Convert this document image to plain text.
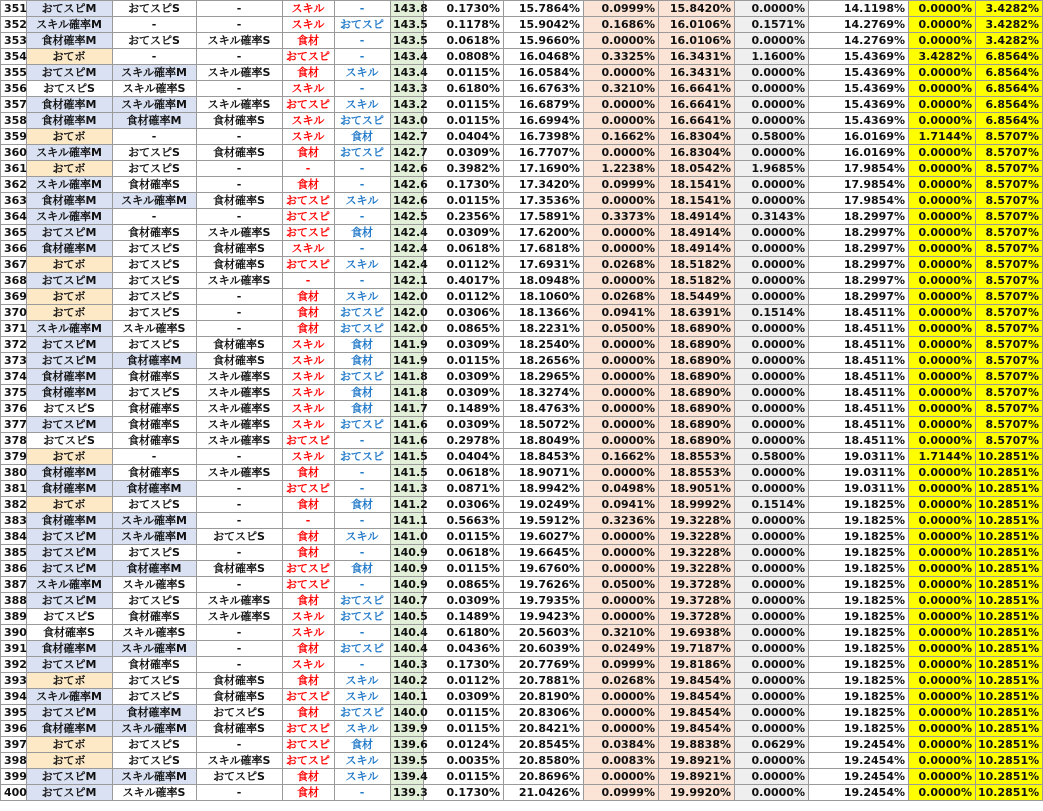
351	おてスピM	おてスピS	-	スキル	-	143.8	0.1730%	15.7864%	0.0999%	15.8420%	0.0000%	14.1198%	0.0000%	3.4282%
352	スキル確率M	-	-	スキル	おてスピ	143.5	0.1178%	15.9042%	0.1686%	16.0106%	0.1571%	14.2769%	0.0000%	3.4282%
353	食材確率M	おてスピS	スキル確率S	食材	-	143.5	0.0618%	15.9660%	0.0000%	16.0106%	0.0000%	14.2769%	0.0000%	3.4282%
354	おてボ	-	-	おてスピ	-	143.4	0.0808%	16.0468%	0.3325%	16.3431%	1.1600%	15.4369%	3.4282%	6.8564%
355	おてスピM	スキル確率M	スキル確率S	食材	スキル	143.4	0.0115%	16.0584%	0.0000%	16.3431%	0.0000%	15.4369%	0.0000%	6.8564%
356	おてスピS	スキル確率S	-	スキル	-	143.3	0.6180%	16.6763%	0.3210%	16.6641%	0.0000%	15.4369%	0.0000%	6.8564%
357	食材確率M	スキル確率M	スキル確率S	おてスピ	スキル	143.2	0.0115%	16.6879%	0.0000%	16.6641%	0.0000%	15.4369%	0.0000%	6.8564%
358	食材確率M	食材確率M	食材確率S	スキル	おてスピ	143.0	0.0115%	16.6994%	0.0000%	16.6641%	0.0000%	15.4369%	0.0000%	6.8564%
359	おてボ	-	-	スキル	食材	142.7	0.0404%	16.7398%	0.1662%	16.8304%	0.5800%	16.0169%	1.7144%	8.5707%
360	スキル確率M	おてスピS	食材確率S	食材	おてスピ	142.7	0.0309%	16.7707%	0.0000%	16.8304%	0.0000%	16.0169%	0.0000%	8.5707%
361	おてボ	おてスピS	-	-	-	142.6	0.3982%	17.1690%	1.2238%	18.0542%	1.9685%	17.9854%	0.0000%	8.5707%
362	スキル確率M	食材確率S	-	食材	-	142.6	0.1730%	17.3420%	0.0999%	18.1541%	0.0000%	17.9854%	0.0000%	8.5707%
363	食材確率M	スキル確率M	食材確率S	おてスピ	スキル	142.6	0.0115%	17.3536%	0.0000%	18.1541%	0.0000%	17.9854%	0.0000%	8.5707%
364	スキル確率M	-	-	おてスピ	-	142.5	0.2356%	17.5891%	0.3373%	18.4914%	0.3143%	18.2997%	0.0000%	8.5707%
365	おてスピM	食材確率S	スキル確率S	おてスピ	食材	142.4	0.0309%	17.6200%	0.0000%	18.4914%	0.0000%	18.2997%	0.0000%	8.5707%
366	食材確率M	おてスピS	食材確率S	スキル	-	142.4	0.0618%	17.6818%	0.0000%	18.4914%	0.0000%	18.2997%	0.0000%	8.5707%
367	おてボ	おてスピS	食材確率S	おてスピ	スキル	142.4	0.0112%	17.6931%	0.0268%	18.5182%	0.0000%	18.2997%	0.0000%	8.5707%
368	おてスピM	おてスピS	スキル確率S	-	-	142.1	0.4017%	18.0948%	0.0000%	18.5182%	0.0000%	18.2997%	0.0000%	8.5707%
369	おてボ	おてスピS	-	食材	スキル	142.0	0.0112%	18.1060%	0.0268%	18.5449%	0.0000%	18.2997%	0.0000%	8.5707%
370	おてボ	おてスピS	-	食材	おてスピ	142.0	0.0306%	18.1366%	0.0941%	18.6391%	0.1514%	18.4511%	0.0000%	8.5707%
371	スキル確率M	スキル確率S	-	食材	おてスピ	142.0	0.0865%	18.2231%	0.0500%	18.6890%	0.0000%	18.4511%	0.0000%	8.5707%
372	おてスピM	おてスピS	食材確率S	スキル	食材	141.9	0.0309%	18.2540%	0.0000%	18.6890%	0.0000%	18.4511%	0.0000%	8.5707%
373	おてスピM	食材確率M	食材確率S	スキル	食材	141.9	0.0115%	18.2656%	0.0000%	18.6890%	0.0000%	18.4511%	0.0000%	8.5707%
374	食材確率M	食材確率S	スキル確率S	スキル	おてスピ	141.8	0.0309%	18.2965%	0.0000%	18.6890%	0.0000%	18.4511%	0.0000%	8.5707%
375	食材確率M	おてスピS	スキル確率S	スキル	食材	141.8	0.0309%	18.3274%	0.0000%	18.6890%	0.0000%	18.4511%	0.0000%	8.5707%
376	おてスピS	食材確率S	スキル確率S	スキル	食材	141.7	0.1489%	18.4763%	0.0000%	18.6890%	0.0000%	18.4511%	0.0000%	8.5707%
377	おてスピM	食材確率S	スキル確率S	スキル	おてスピ	141.6	0.0309%	18.5072%	0.0000%	18.6890%	0.0000%	18.4511%	0.0000%	8.5707%
378	おてスピS	食材確率S	スキル確率S	おてスピ	-	141.6	0.2978%	18.8049%	0.0000%	18.6890%	0.0000%	18.4511%	0.0000%	8.5707%
379	おてボ	-	-	スキル	おてスピ	141.5	0.0404%	18.8453%	0.1662%	18.8553%	0.5800%	19.0311%	1.7144%	10.2851%
380	食材確率M	食材確率S	スキル確率S	食材	-	141.5	0.0618%	18.9071%	0.0000%	18.8553%	0.0000%	19.0311%	0.0000%	10.2851%
381	食材確率M	食材確率M	-	おてスピ	-	141.3	0.0871%	18.9942%	0.0498%	18.9051%	0.0000%	19.0311%	0.0000%	10.2851%
382	おてボ	おてスピS	-	食材	食材	141.2	0.0306%	19.0249%	0.0941%	18.9992%	0.1514%	19.1825%	0.0000%	10.2851%
383	食材確率M	スキル確率M	-	-	-	141.1	0.5663%	19.5912%	0.3236%	19.3228%	0.0000%	19.1825%	0.0000%	10.2851%
384	おてスピM	スキル確率M	おてスピS	食材	スキル	141.0	0.0115%	19.6027%	0.0000%	19.3228%	0.0000%	19.1825%	0.0000%	10.2851%
385	おてスピM	おてスピS	-	食材	-	140.9	0.0618%	19.6645%	0.0000%	19.3228%	0.0000%	19.1825%	0.0000%	10.2851%
386	おてスピM	食材確率M	食材確率S	おてスピ	食材	140.9	0.0115%	19.6760%	0.0000%	19.3228%	0.0000%	19.1825%	0.0000%	10.2851%
387	スキル確率M	スキル確率S	-	おてスピ	-	140.9	0.0865%	19.7626%	0.0500%	19.3728%	0.0000%	19.1825%	0.0000%	10.2851%
388	おてスピM	おてスピS	スキル確率S	食材	おてスピ	140.7	0.0309%	19.7935%	0.0000%	19.3728%	0.0000%	19.1825%	0.0000%	10.2851%
389	おてスピS	食材確率S	スキル確率S	スキル	おてスピ	140.5	0.1489%	19.9423%	0.0000%	19.3728%	0.0000%	19.1825%	0.0000%	10.2851%
390	食材確率S	スキル確率S	-	スキル	-	140.4	0.6180%	20.5603%	0.3210%	19.6938%	0.0000%	19.1825%	0.0000%	10.2851%
391	食材確率M	スキル確率M	-	食材	おてスピ	140.4	0.0436%	20.6039%	0.0249%	19.7187%	0.0000%	19.1825%	0.0000%	10.2851%
392	おてスピM	食材確率S	-	スキル	-	140.3	0.1730%	20.7769%	0.0999%	19.8186%	0.0000%	19.1825%	0.0000%	10.2851%
393	おてボ	おてスピS	食材確率S	食材	スキル	140.2	0.0112%	20.7881%	0.0268%	19.8454%	0.0000%	19.1825%	0.0000%	10.2851%
394	スキル確率M	おてスピS	食材確率S	おてスピ	スキル	140.1	0.0309%	20.8190%	0.0000%	19.8454%	0.0000%	19.1825%	0.0000%	10.2851%
395	おてスピM	食材確率M	おてスピS	食材	おてスピ	140.0	0.0115%	20.8306%	0.0000%	19.8454%	0.0000%	19.1825%	0.0000%	10.2851%
396	食材確率M	スキル確率M	食材確率S	おてスピ	スキル	139.9	0.0115%	20.8421%	0.0000%	19.8454%	0.0000%	19.1825%	0.0000%	10.2851%
397	おてボ	おてスピS	-	おてスピ	食材	139.6	0.0124%	20.8545%	0.0384%	19.8838%	0.0629%	19.2454%	0.0000%	10.2851%
398	おてボ	おてスピS	スキル確率S	おてスピ	スキル	139.5	0.0035%	20.8580%	0.0083%	19.8921%	0.0000%	19.2454%	0.0000%	10.2851%
399	おてスピM	スキル確率M	おてスピS	食材	スキル	139.4	0.0115%	20.8696%	0.0000%	19.8921%	0.0000%	19.2454%	0.0000%	10.2851%
400	おてスピM	スキル確率S	-	食材	-	139.3	0.1730%	21.0426%	0.0999%	19.9920%	0.0000%	19.2454%	0.0000%	10.2851%
